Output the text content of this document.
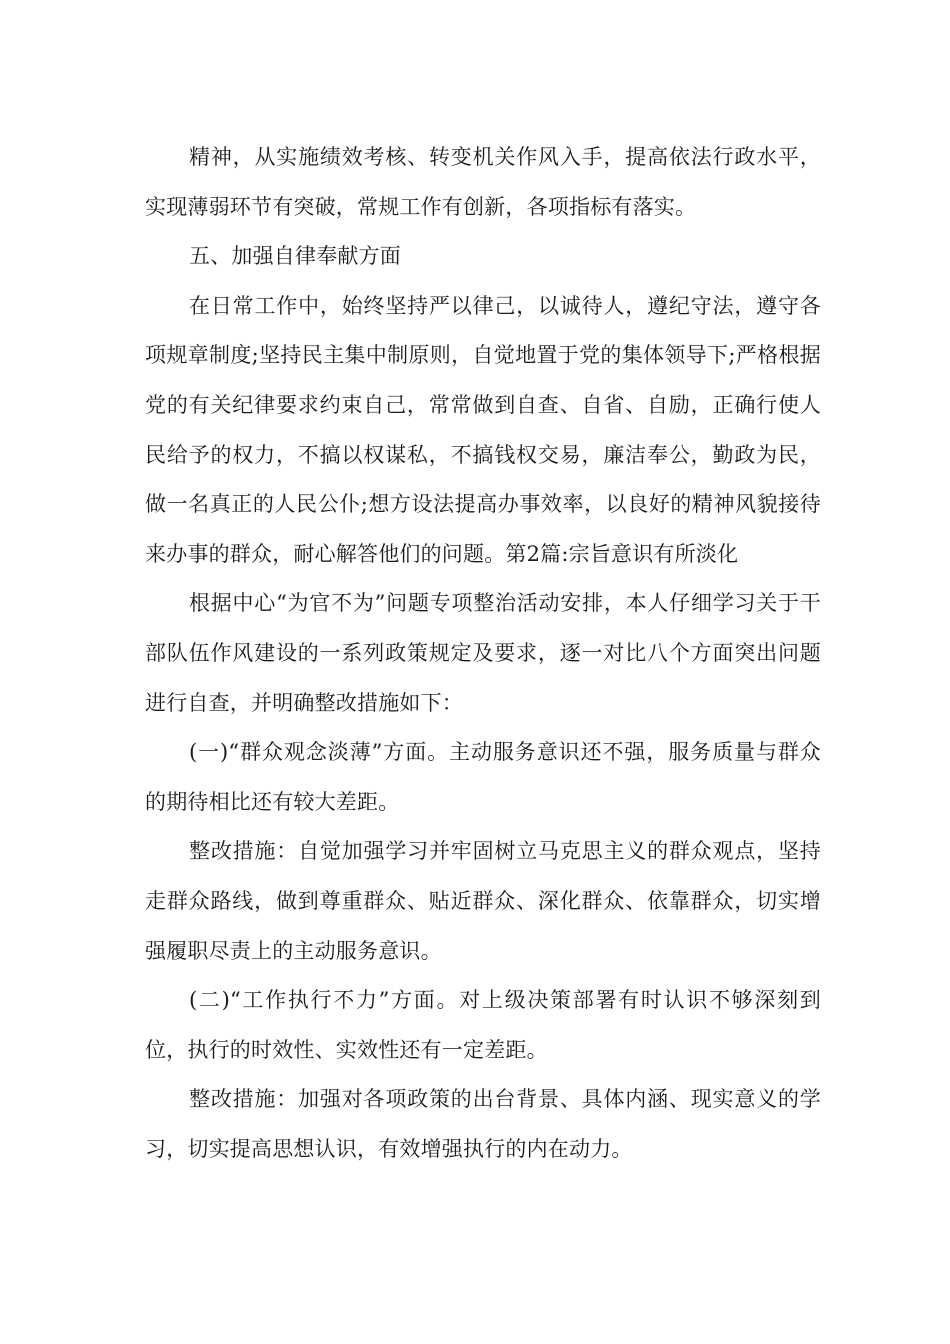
精神，从实施绩效考核、转变机关作风入手，提高依法行政水平，实现薄弱环节有突破，常规工作有创新，各项指标有落实。

五、加强自律奉献方面

在日常工作中，始终坚持严以律己，以诚待人，遵纪守法，遵守各项规章制度;坚持民主集中制原则，自觉地置于党的集体领导下;严格根据党的有关纪律要求约束自己，常常做到自查、自省、自励，正确行使人民给予的权力，不搞以权谋私，不搞钱权交易，廉洁奉公，勤政为民，做一名真正的人民公仆;想方设法提高办事效率，以良好的精神风貌接待来办事的群众，耐心解答他们的问题。第2篇:宗旨意识有所淡化

根据中心“为官不为”问题专项整治活动安排，本人仔细学习关于干部队伍作风建设的一系列政策规定及要求，逐一对比八个方面突出问题进行自查，并明确整改措施如下：

(一)“群众观念淡薄”方面。主动服务意识还不强，服务质量与群众的期待相比还有较大差距。

整改措施：自觉加强学习并牢固树立马克思主义的群众观点，坚持走群众路线，做到尊重群众、贴近群众、深化群众、依靠群众，切实增强履职尽责上的主动服务意识。

(二)“工作执行不力”方面。对上级决策部署有时认识不够深刻到位，执行的时效性、实效性还有一定差距。

整改措施：加强对各项政策的出台背景、具体内涵、现实意义的学习，切实提高思想认识，有效增强执行的内在动力。
